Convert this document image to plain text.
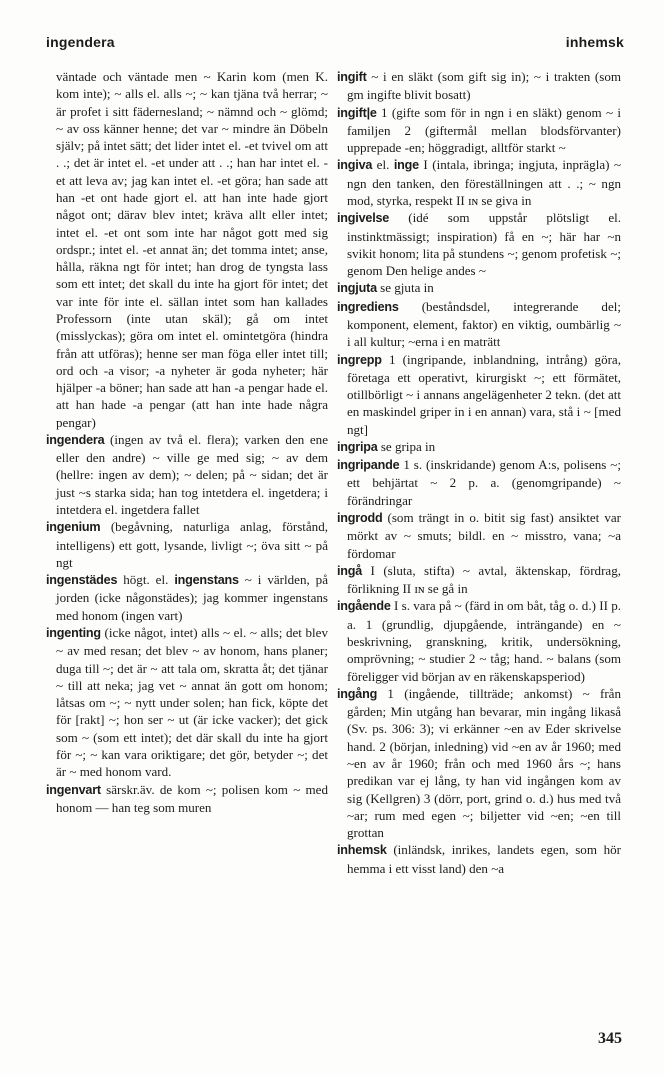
ingendera	inhemsk

väntade och väntade men ~ Karin kom (men K. kom inte); ~ alls el. alls ~; ~ kan tjäna två herrar; ~ är profet i sitt fädernesland; ~ nämnd och ~ glömd; ~ av oss känner henne; det var ~ mindre än Döbeln själv; på intet sätt; det lider intet el. -et tvivel om att . .; det är intet el. -et under att . .; han har intet el. -et att leva av; jag kan intet el. -et göra; han sade att han -et ont hade gjort el. att han inte hade gjort något ont; därav blev intet; kräva allt eller intet; intet el. -et ont som inte har något gott med sig ordspr.; intet el. -et annat än; det tomma intet; anse, hålla, räkna ngt för intet; han drog de tyngsta lass som ett intet; det skall du inte ha gjort för intet; det var inte för inte el. sällan intet som han kallades Professorn (inte utan skäl); gå om intet (misslyckas); göra om intet el. omintetgöra (hindra från att utföras); henne ser man föga eller intet till; ord och -a visor; -a nyheter är goda nyheter; här hjälper -a böner; han sade att han -a pengar hade el. att han hade -a pengar (att han inte hade några pengar)

ingendera (ingen av två el. flera); varken den ene eller den andre) ~ ville ge med sig; ~ av dem (hellre: ingen av dem); ~ delen; på ~ sidan; det är just ~s starka sida; han tog intetdera el. ingetdera; i intetdera el. ingetdera fallet

ingenium (begåvning, naturliga anlag, förstånd, intelligens) ett gott, lysande, livligt ~; öva sitt ~ på ngt

ingenstädes högt. el. ingenstans ~ i världen, på jorden (icke någonstädes); jag kommer ingenstans med honom (ingen vart)

ingenting (icke något, intet) alls ~ el. ~ alls; det blev ~ av med resan; det blev ~ av honom, hans planer; duga till ~; det är ~ att tala om, skratta åt; det tjänar ~ till att neka; jag vet ~ annat än gott om honom; låtsas om ~; ~ nytt under solen; han fick, köpte det för [rakt] ~; hon ser ~ ut (är icke vacker); det gick som ~ (som ett intet); det där skall du inte ha gjort för ~; ~ kan vara oriktigare; det gör, betyder ~; det är ~ med honom vard.

ingenvart särskr.äv. de kom ~; polisen kom ~ med honom — han teg som muren

ingift ~ i en släkt (som gift sig in); ~ i trakten (som gm ingifte blivit bosatt)

ingift|e 1 (gifte som för in ngn i en släkt) genom ~ i familjen 2 (giftermål mellan blodsförvanter) upprepade -en; höggradigt, alltför starkt ~

ingiva el. inge I (intala, ibringa; ingjuta, inprägla) ~ ngn den tanken, den föreställningen att . .; ~ ngn mod, styrka, respekt II ɪɴ se giva in

ingivelse (idé som uppstår plötsligt el. instinktmässigt; inspiration) få en ~; här har ~n svikit honom; lita på stundens ~; genom profetisk ~; genom Den helige andes ~

ingjuta se gjuta in

ingrediens (beståndsdel, integrerande del; komponent, element, faktor) en viktig, oumbärlig ~ i all kultur; ~erna i en maträtt

ingrepp 1 (ingripande, inblandning, intrång) göra, företaga ett operativt, kirurgiskt ~; ett förmätet, otillbörligt ~ i annans angelägenheter 2 tekn. (det att en maskindel griper in i en annan) vara, stå i ~ [med ngt]

ingripa se gripa in

ingripande 1 s. (inskridande) genom A:s, polisens ~; ett behjärtat ~ 2 p. a. (genomgripande) ~ förändringar

ingrodd (som trängt in o. bitit sig fast) ansiktet var mörkt av ~ smuts; bildl. en ~ misstro, vana; ~a fördomar

ingå I (sluta, stifta) ~ avtal, äktenskap, fördrag, förlikning II ɪɴ se gå in

ingående I s. vara på ~ (färd in om båt, tåg o. d.) II p. a. 1 (grundlig, djupgående, inträngande) en ~ beskrivning, granskning, kritik, undersökning, omprövning; ~ studier 2 ~ tåg; hand. ~ balans (som föreligger vid början av en räkenskapsperiod)

ingång 1 (ingående, tillträde; ankomst) ~ från gården; Min utgång han bevarar, min ingång likaså (Sv. ps. 306: 3); vi erkänner ~en av Eder skrivelse hand. 2 (början, inledning) vid ~en av år 1960; med ~en av år 1960; från och med 1960 års ~; hans predikan var ej lång, ty han vid ingången kom av sig (Kellgren) 3 (dörr, port, grind o. d.) hus med två ~ar; rum med egen ~; biljetter vid ~en; ~en till grottan

inhemsk (inländsk, inrikes, landets egen, som hör hemma i ett visst land) den ~a

345
